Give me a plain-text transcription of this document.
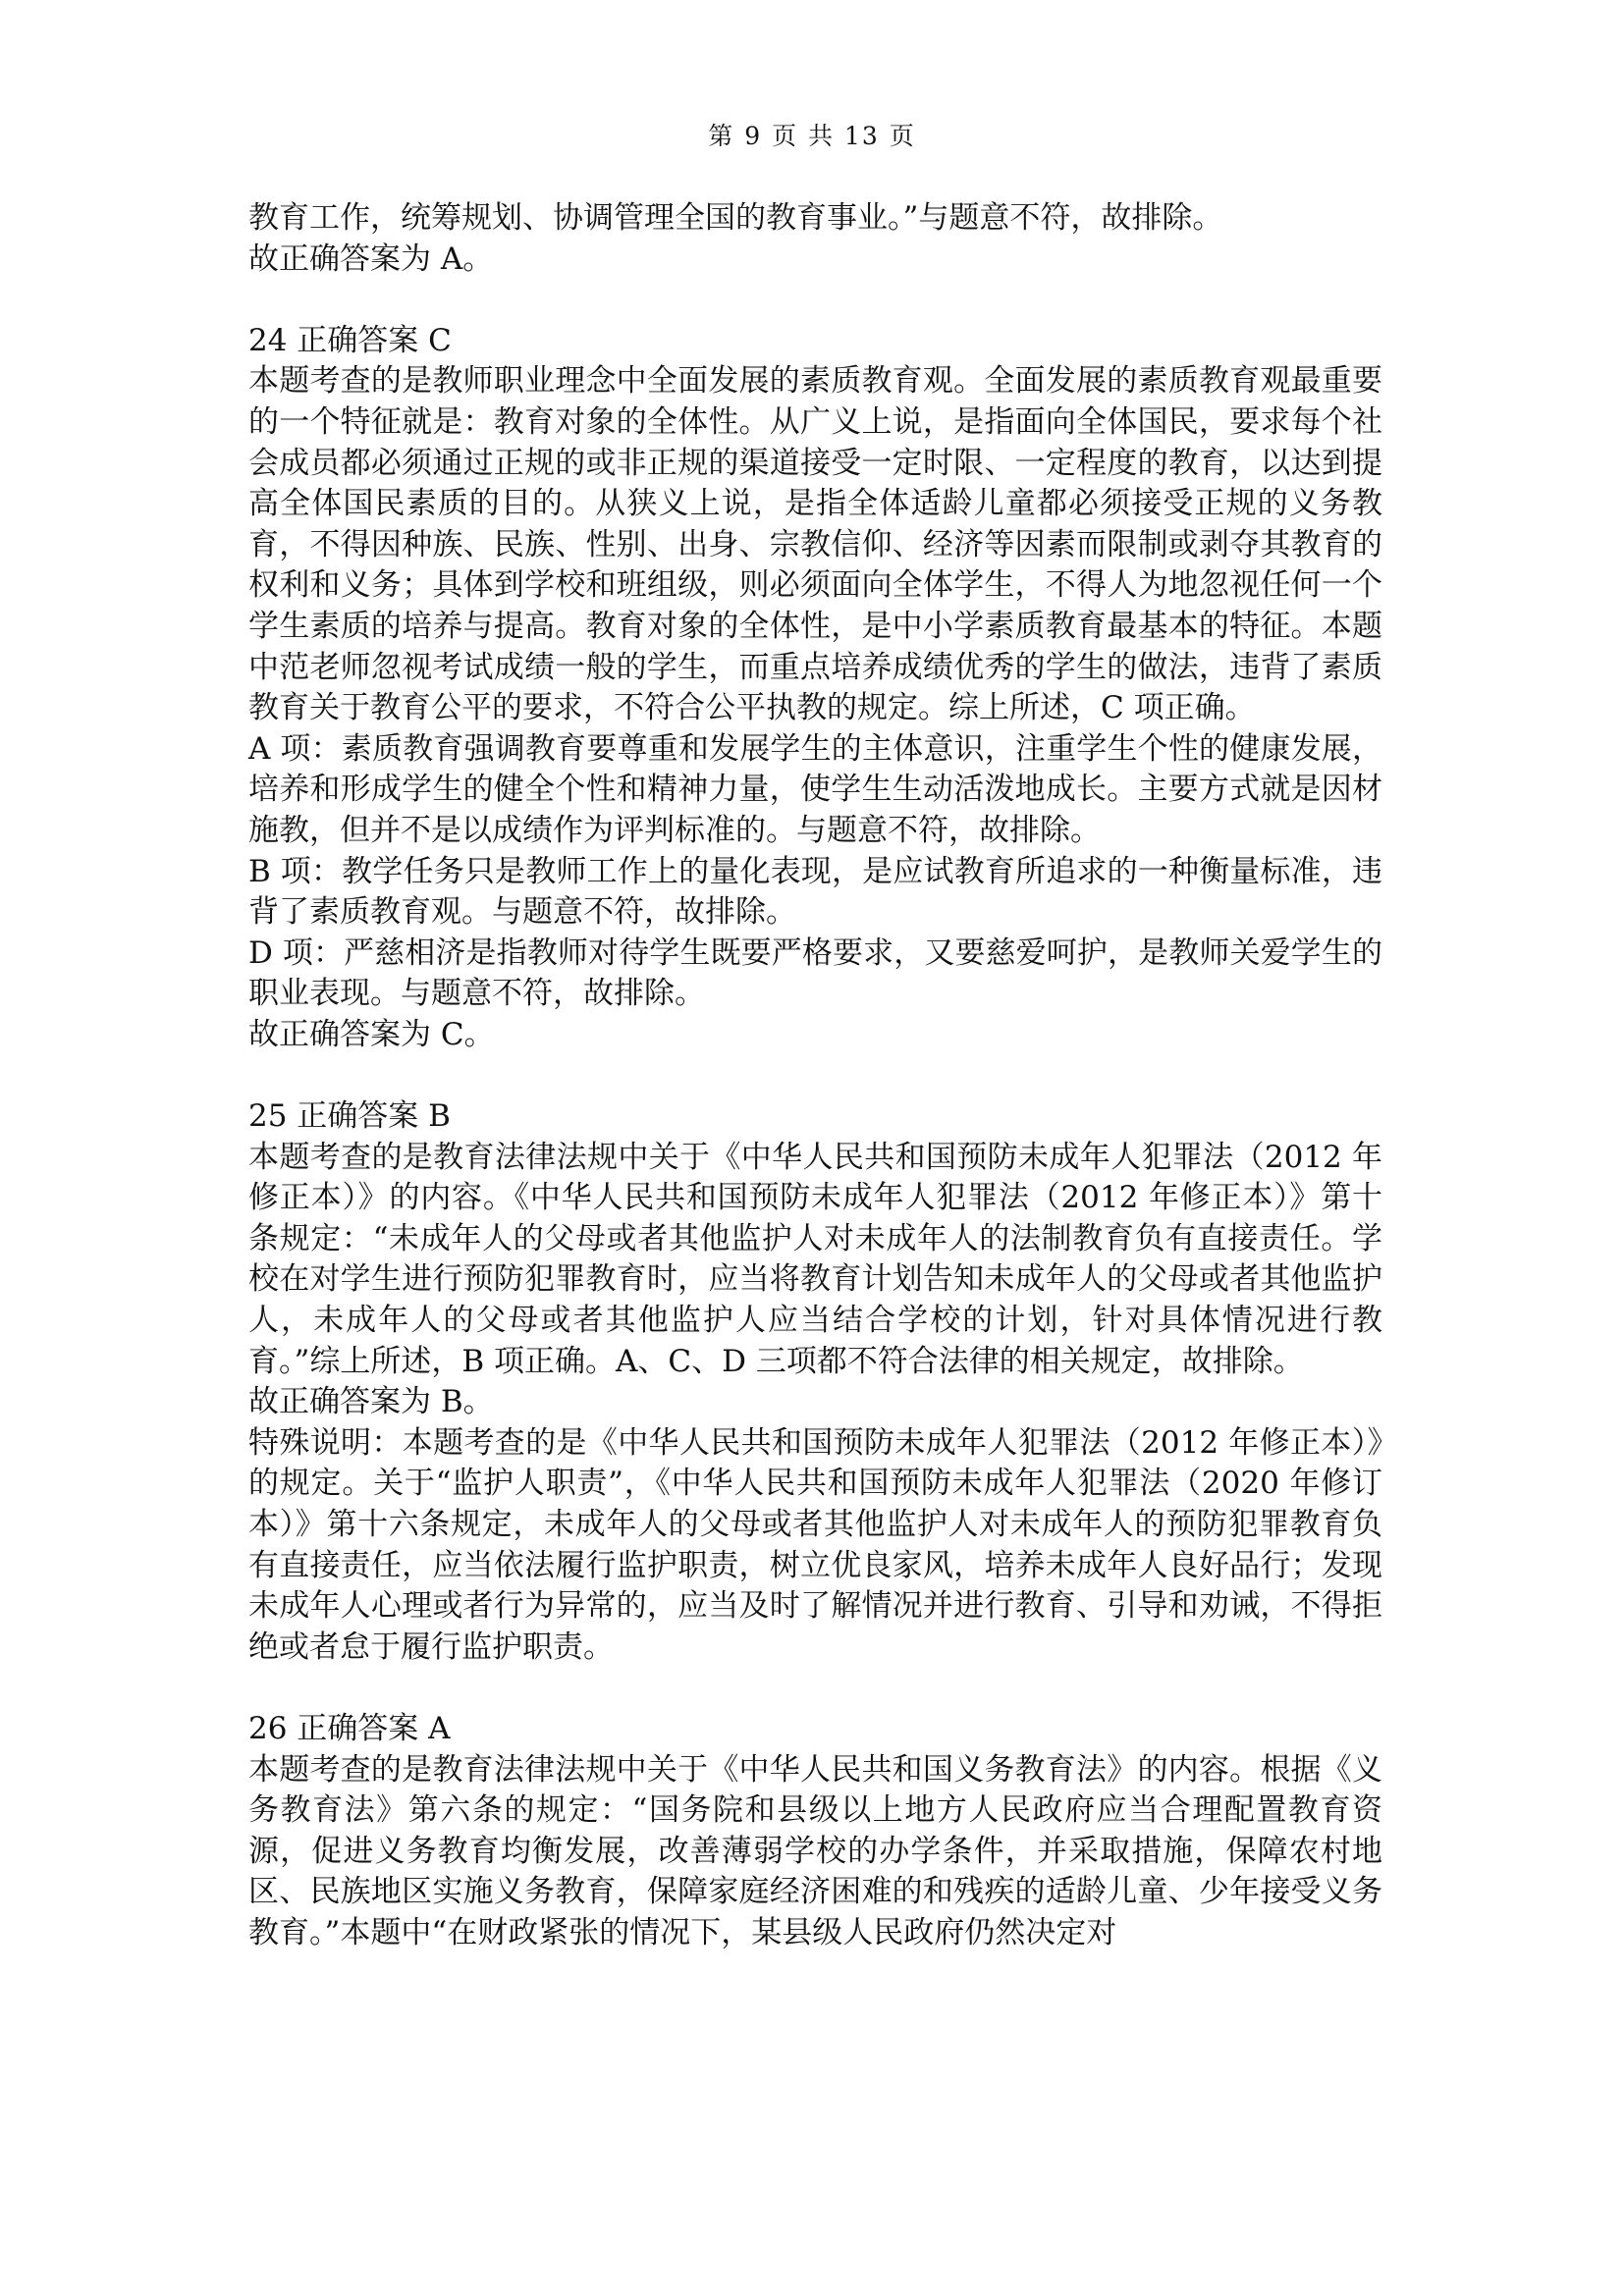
第 9 页 共 13 页

教育工作，统筹规划、协调管理全国的教育事业。”与题意不符，故排除。

故正确答案为 A。

24 正确答案 C

本题考查的是教师职业理念中全面发展的素质教育观。全面发展的素质教育观最重要的一个特征就是：教育对象的全体性。从广义上说，是指面向全体国民，要求每个社会成员都必须通过正规的或非正规的渠道接受一定时限、一定程度的教育，以达到提高全体国民素质的目的。从狭义上说，是指全体适龄儿童都必须接受正规的义务教育，不得因种族、民族、性别、出身、宗教信仰、经济等因素而限制或剥夺其教育的权利和义务；具体到学校和班组级，则必须面向全体学生，不得人为地忽视任何一个学生素质的培养与提高。教育对象的全体性，是中小学素质教育最基本的特征。本题中范老师忽视考试成绩一般的学生，而重点培养成绩优秀的学生的做法，违背了素质教育关于教育公平的要求，不符合公平执教的规定。综上所述，C 项正确。

A 项：素质教育强调教育要尊重和发展学生的主体意识，注重学生个性的健康发展，培养和形成学生的健全个性和精神力量，使学生生动活泼地成长。主要方式就是因材施教，但并不是以成绩作为评判标准的。与题意不符，故排除。

B 项：教学任务只是教师工作上的量化表现，是应试教育所追求的一种衡量标准，违背了素质教育观。与题意不符，故排除。

D 项：严慈相济是指教师对待学生既要严格要求，又要慈爱呵护，是教师关爱学生的职业表现。与题意不符，故排除。

故正确答案为 C。

25 正确答案 B

本题考查的是教育法律法规中关于《中华人民共和国预防未成年人犯罪法（2012 年修正本）》的内容。《中华人民共和国预防未成年人犯罪法（2012 年修正本）》第十条规定：“未成年人的父母或者其他监护人对未成年人的法制教育负有直接责任。学校在对学生进行预防犯罪教育时，应当将教育计划告知未成年人的父母或者其他监护人，未成年人的父母或者其他监护人应当结合学校的计划，针对具体情况进行教育。”综上所述，B 项正确。A、C、D 三项都不符合法律的相关规定，故排除。

故正确答案为 B。

特殊说明：本题考查的是《中华人民共和国预防未成年人犯罪法（2012 年修正本）》的规定。关于“监护人职责”，《中华人民共和国预防未成年人犯罪法（2020 年修订本）》第十六条规定，未成年人的父母或者其他监护人对未成年人的预防犯罪教育负有直接责任，应当依法履行监护职责，树立优良家风，培养未成年人良好品行；发现未成年人心理或者行为异常的，应当及时了解情况并进行教育、引导和劝诫，不得拒绝或者怠于履行监护职责。

26 正确答案 A

本题考查的是教育法律法规中关于《中华人民共和国义务教育法》的内容。根据《义务教育法》第六条的规定：“国务院和县级以上地方人民政府应当合理配置教育资源，促进义务教育均衡发展，改善薄弱学校的办学条件，并采取措施，保障农村地区、民族地区实施义务教育，保障家庭经济困难的和残疾的适龄儿童、少年接受义务教育。”本题中“在财政紧张的情况下，某县级人民政府仍然决定对
